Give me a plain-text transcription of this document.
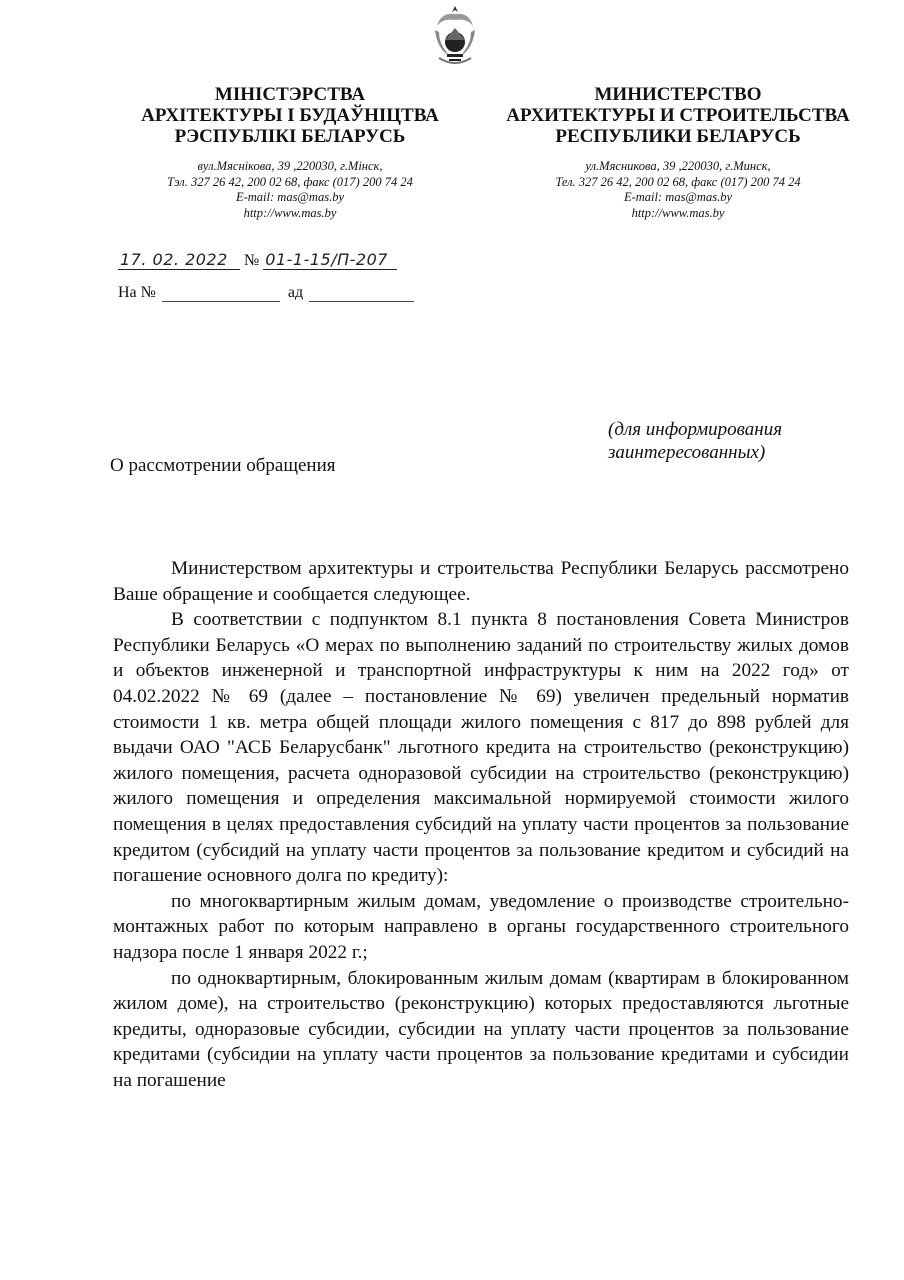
МІНІСТЭРСТВА
АРХІТЕКТУРЫ І БУДАЎНІЦТВА
РЭСПУБЛІКІ БЕЛАРУСЬ
вул.Мяснікова, 39 ,220030, г.Мінск,
Тэл. 327 26 42, 200 02 68, факс (017) 200 74 24
E-mail: mas@mas.by
http://www.mas.by
МИНИСТЕРСТВО
АРХИТЕКТУРЫ И СТРОИТЕЛЬСТВА
РЕСПУБЛИКИ БЕЛАРУСЬ
ул.Мясникова, 39 ,220030, г.Минск,
Тел. 327 26 42, 200 02 68, факс (017) 200 74 24
E-mail: mas@mas.by
http://www.mas.by
17. 02. 2022	№ 01-1-15/П-207
На №	ад
(для информирования
заинтересованных)
О рассмотрении обращения

Министерством архитектуры и строительства Республики Беларусь рассмотрено Ваше обращение и сообщается следующее.

В соответствии с подпунктом 8.1 пункта 8 постановления Совета Министров Республики Беларусь «О мерах по выполнению заданий по строительству жилых домов и объектов инженерной и транспортной инфраструктуры к ним на 2022 год» от 04.02.2022 № 69 (далее – постановление № 69) увеличен предельный норматив стоимости 1 кв. метра общей площади жилого помещения с 817 до 898 рублей для выдачи ОАО "АСБ Беларусбанк" льготного кредита на строительство (реконструкцию) жилого помещения, расчета одноразовой субсидии на строительство (реконструкцию) жилого помещения и определения максимальной нормируемой стоимости жилого помещения в целях предоставления субсидий на уплату части процентов за пользование кредитом (субсидий на уплату части процентов за пользование кредитом и субсидий на погашение основного долга по кредиту):

по многоквартирным жилым домам, уведомление о производстве строительно-монтажных работ по которым направлено в органы государственного строительного надзора после 1 января 2022 г.;

по одноквартирным, блокированным жилым домам (квартирам в блокированном жилом доме), на строительство (реконструкцию) которых предоставляются льготные кредиты, одноразовые субсидии, субсидии на уплату части процентов за пользование кредитами (субсидии на уплату части процентов за пользование кредитами и субсидии на погашение
